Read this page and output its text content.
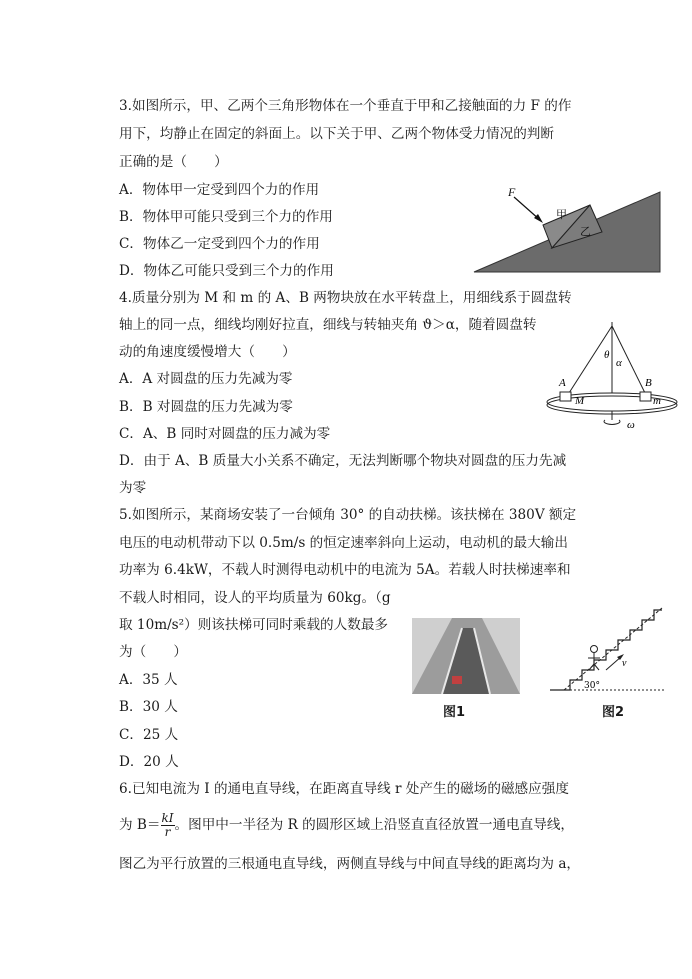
3.如图所示，甲、乙两个三角形物体在一个垂直于甲和乙接触面的力 F 的作
用下，均静止在固定的斜面上。以下关于甲、乙两个物体受力情况的判断
正确的是（　　）
A．物体甲一定受到四个力的作用
B．物体甲可能只受到三个力的作用
C．物体乙一定受到四个力的作用
D．物体乙可能只受到三个力的作用
F
甲
乙
4.质量分别为 M 和 m 的 A、B 两物块放在水平转盘上，用细线系于圆盘转
轴上的同一点，细线均刚好拉直，细线与转轴夹角 ϑ＞α，随着圆盘转
动的角速度缓慢增大（　　）
A．A 对圆盘的压力先减为零
B．B 对圆盘的压力先减为零
C．A、B 同时对圆盘的压力减为零
D．由于 A、B 质量大小关系不确定，无法判断哪个物块对圆盘的压力先减
为零
θ
α
A	B
M	m
ω
5.如图所示，某商场安装了一台倾角 30° 的自动扶梯。该扶梯在 380V 额定
电压的电动机带动下以 0.5m/s 的恒定速率斜向上运动，电动机的最大输出
功率为 6.4kW，不载人时测得电动机中的电流为 5A。若载人时扶梯速率和
不载人时相同，设人的平均质量为 60kg。（g
取 10m/s²）则该扶梯可同时乘载的人数最多
为（　　）
A．35 人
B．30 人
C．25 人
D．20 人
图1
30°
v
图2
6.已知电流为 I 的通电直导线，在距离直导线 r 处产生的磁场的磁感应强度
为 $B= \frac{kI}{r}$ 。图甲中一半径为 R 的圆形区域上沿竖直直径放置一通电直导线，
图乙为平行放置的三根通电直导线，两侧直导线与中间直导线的距离均为 a，
